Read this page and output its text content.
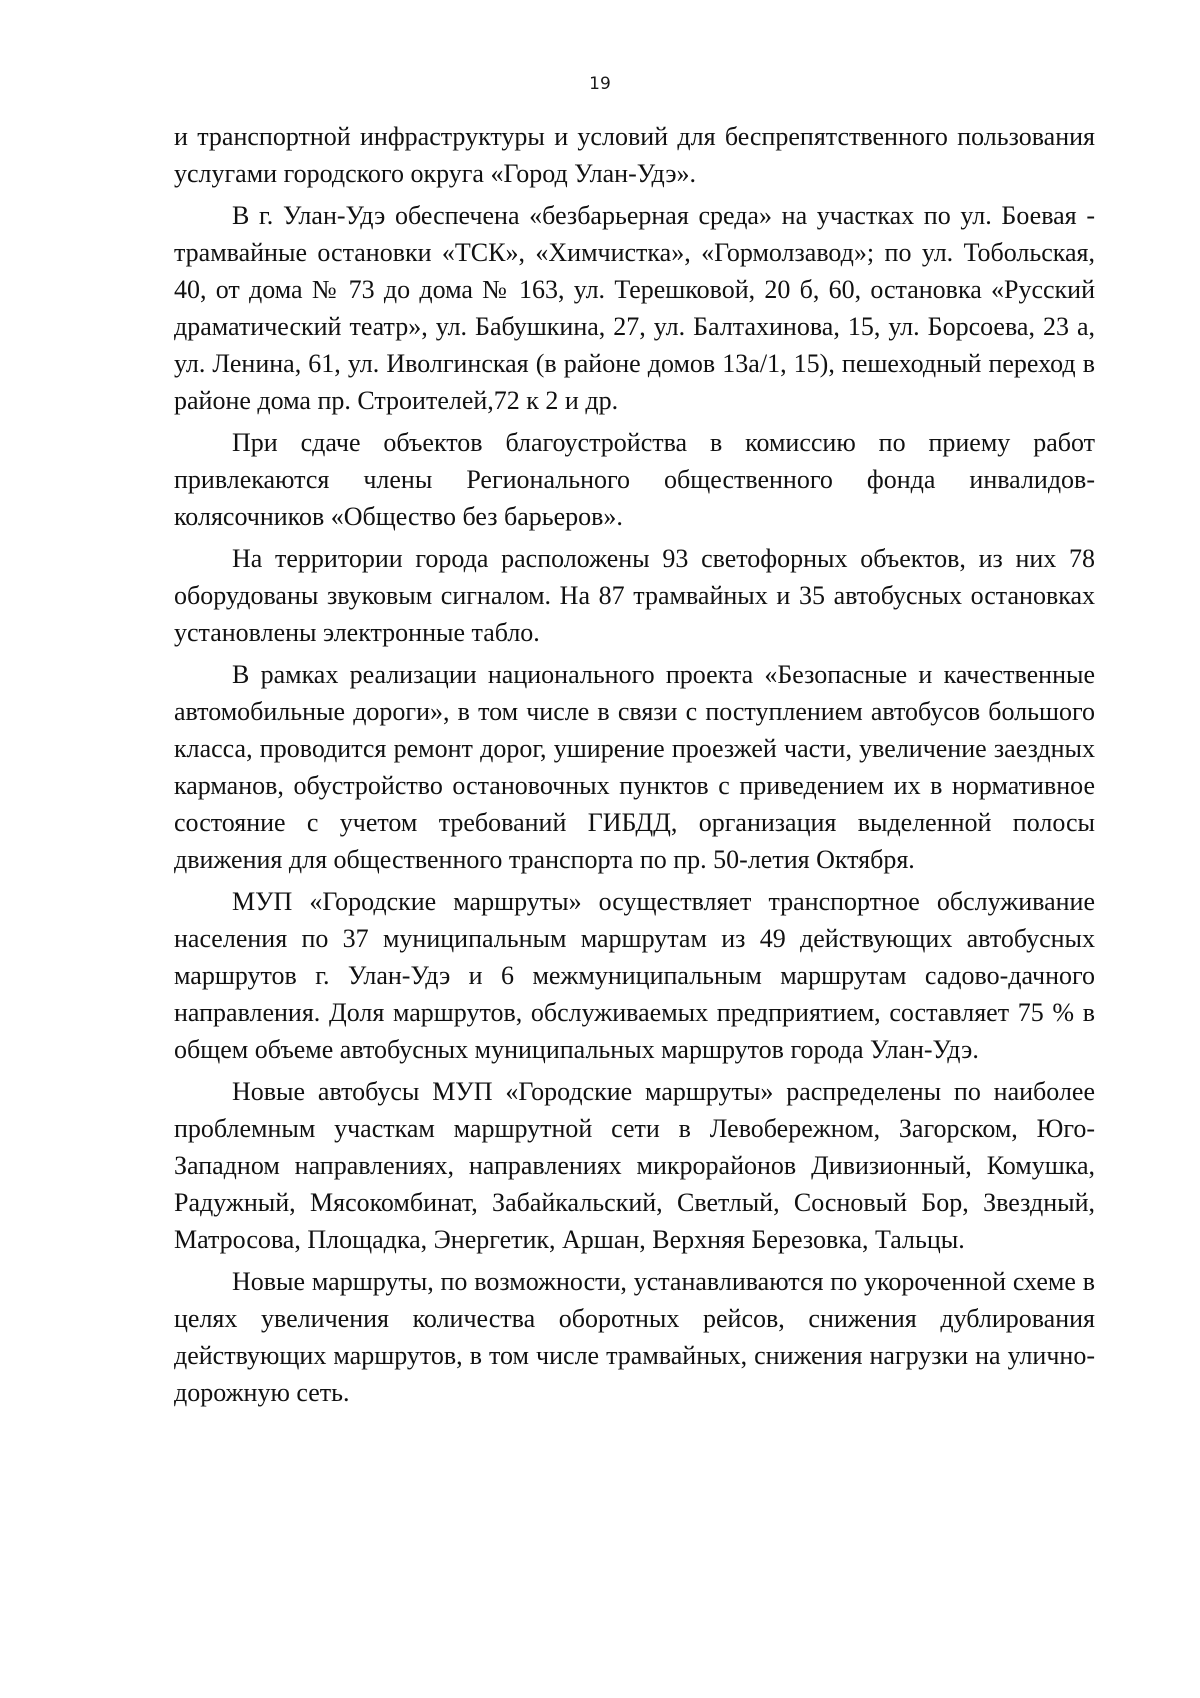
19

и транспортной инфраструктуры и условий для беспрепятственного пользования услугами городского округа «Город Улан-Удэ».

В г. Улан-Удэ обеспечена «безбарьерная среда» на участках по ул. Боевая - трамвайные остановки «ТСК», «Химчистка», «Гормолзавод»; по ул. Тобольская, 40, от дома № 73 до дома № 163, ул. Терешковой, 20 б, 60, остановка «Русский драматический театр», ул. Бабушкина, 27, ул. Балтахинова, 15, ул. Борсоева, 23 а, ул. Ленина, 61, ул. Иволгинская (в районе домов 13а/1, 15), пешеходный переход в районе дома пр. Строителей,72 к 2 и др.

При сдаче объектов благоустройства в комиссию по приему работ привлекаются члены Регионального общественного фонда инвалидов-колясочников «Общество без барьеров».

На территории города расположены 93 светофорных объектов, из них 78 оборудованы звуковым сигналом. На 87 трамвайных и 35 автобусных остановках установлены электронные табло.

В рамках реализации национального проекта «Безопасные и качественные автомобильные дороги», в том числе в связи с поступлением автобусов большого класса, проводится ремонт дорог, уширение проезжей части, увеличение заездных карманов, обустройство остановочных пунктов с приведением их в нормативное состояние с учетом требований ГИБДД, организация выделенной полосы движения для общественного транспорта по пр. 50-летия Октября.

МУП «Городские маршруты» осуществляет транспортное обслуживание населения по 37 муниципальным маршрутам из 49 действующих автобусных маршрутов г. Улан-Удэ и 6 межмуниципальным маршрутам садово-дачного направления. Доля маршрутов, обслуживаемых предприятием, составляет 75 % в общем объеме автобусных муниципальных маршрутов города Улан-Удэ.

Новые автобусы МУП «Городские маршруты» распределены по наиболее проблемным участкам маршрутной сети в Левобережном, Загорском, Юго-Западном направлениях, направлениях микрорайонов Дивизионный, Комушка, Радужный, Мясокомбинат, Забайкальский, Светлый, Сосновый Бор, Звездный, Матросова, Площадка, Энергетик, Аршан, Верхняя Березовка, Тальцы.

Новые маршруты, по возможности, устанавливаются по укороченной схеме в целях увеличения количества оборотных рейсов, снижения дублирования действующих маршрутов, в том числе трамвайных, снижения нагрузки на улично-дорожную сеть.
